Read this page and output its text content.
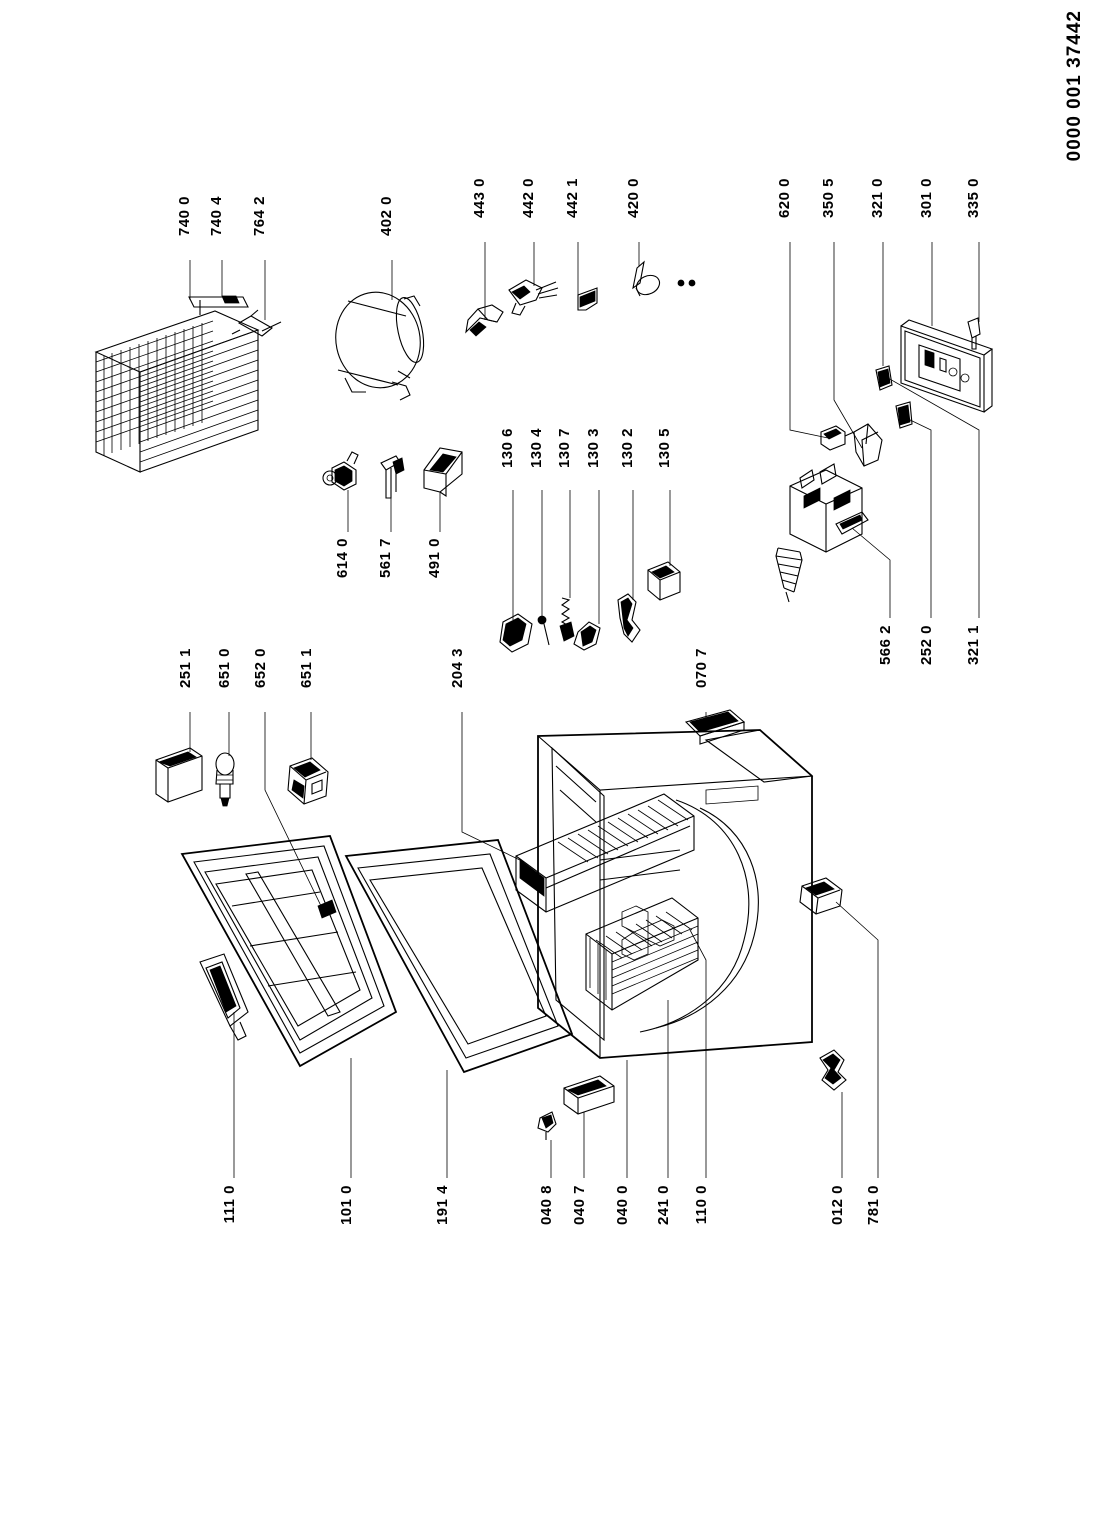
0000 001 37442
740 0 740 4 764 2	402 0	443 0 442 0 442 1	420 0	620 0 350 5 321 0 301 0 335 0
614 0 561 7 491 0
130 6 130 4 130 7 130 3 130 2 130 5
566 2 252 0 321 1
251 1 651 0 652 0 651 1	204 3	070 7
111 0	101 0	191 4	040 8 040 7 040 0 241 0 110 0	012 0 781 0
